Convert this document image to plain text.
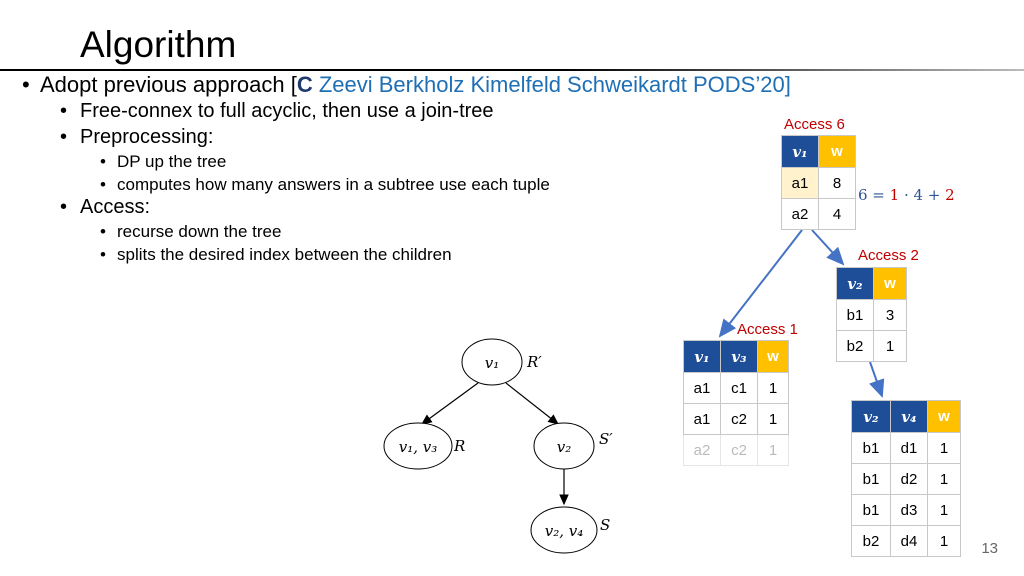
Algorithm
• Adopt previous approach [C Zeevi Berkholz Kimelfeld Schweikardt PODS’20]
• Free-connex to full acyclic, then use a join-tree
• Preprocessing:
• DP up the tree
• computes how many answers in a subtree use each tuple
• Access:
• recurse down the tree
• splits the desired index between the children
v₁ R′
v₁, v₃ R	v₂ S′
v₂, v₄ S
Access 6
𝒗₁	w
a1	8
a2	4
6 = 1 · 4 + 2
Access 2
𝒗₂	w
b1	3
b2	1
Access 1
𝒗₁	𝒗₃	w
a1	c1	1
a1	c2	1
a2	c2	1
𝒗₂	𝒗₄	w
b1	d1	1
b1	d2	1
b1	d3	1
b2	d4	1 13
